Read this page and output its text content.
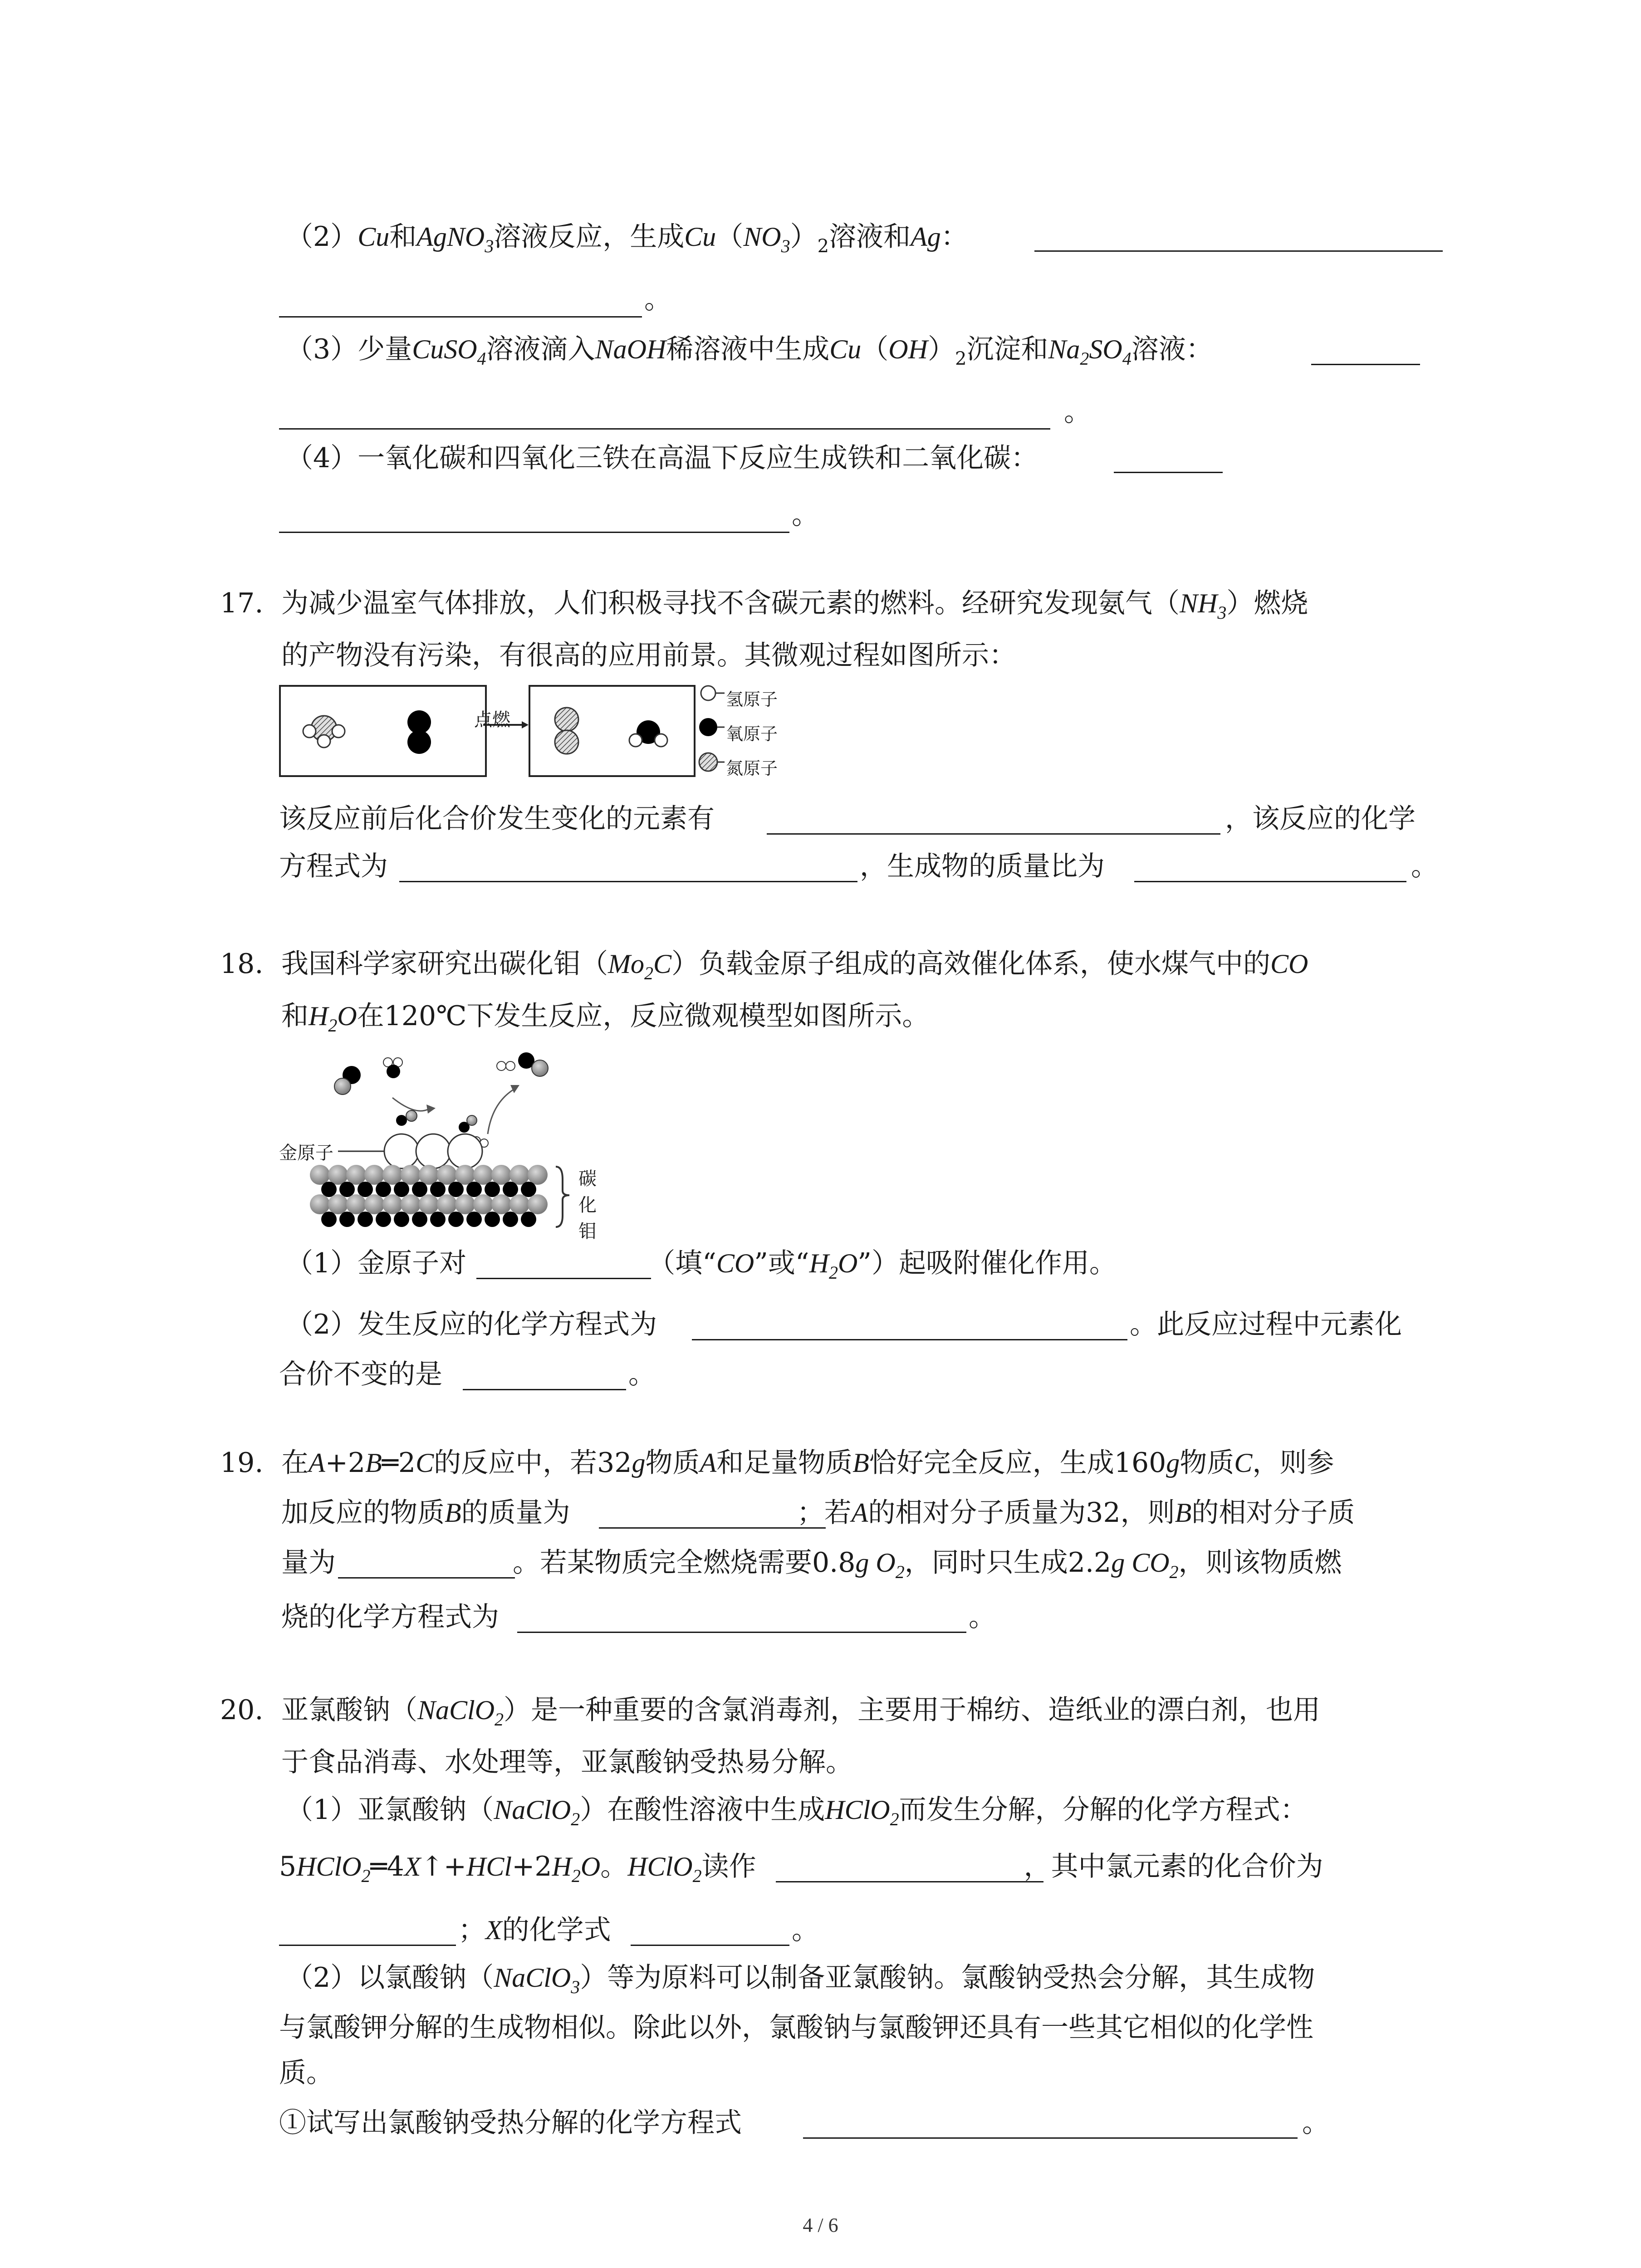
（2）Cu和AgNO$_3$溶液反应，生成$Cu(NO_3)_2$溶液和Ag：
。
（3）少量CuSO$_4$溶液滴入NaOH稀溶液中生成$Cu(OH)_2$沉淀和$Na_2SO_4$溶液：
。
（4）一氧化碳和四氧化三铁在高温下反应生成铁和二氧化碳：
。
17. 为减少温室气体排放，人们积极寻找不含碳元素的燃料。经研究发现氨气$(NH_3)$燃烧
的产物没有污染，有很高的应用前景。其微观过程如图所示：
点燃
氢原子
氧原子
氮原子
该反应前后化合价发生变化的元素有	，该反应的化学
方程式为	，生成物的质量比为	。
18. 我国科学家研究出碳化钼$(Mo_2C)$负载金原子组成的高效催化体系，使水煤气中的CO
和$H_2O$在120℃下发生反应，反应微观模型如图所示。
金原子
碳
化
钼
（1）金原子对	（填“CO”或“$H_2O$”）起吸附催化作用。
（2）发生反应的化学方程式为	。此反应过程中元素化
合价不变的是	。
19. 在A+2B═2C的反应中，若32g物质A和足量物质B恰好完全反应，生成160g物质C，则参
加反应的物质B的质量为	；若A的相对分子质量为32，则B的相对分子质
量为	。若某物质完全燃烧需要0.8g $O_2$，同时只生成2.2g $CO_2$，则该物质燃
烧的化学方程式为	。
20. 亚氯酸钠（NaClO$_2$）是一种重要的含氯消毒剂，主要用于棉纺、造纸业的漂白剂，也用
于食品消毒、水处理等，亚氯酸钠受热易分解。
（1）亚氯酸钠（NaClO$_2$）在酸性溶液中生成HClO$_2$而发生分解，分解的化学方程式：
$5HClO_2═4X↑+HCl+2H_2O$。HClO$_2$读作	，其中氯元素的化合价为
；X的化学式	。
（2）以氯酸钠（NaClO$_3$）等为原料可以制备亚氯酸钠。氯酸钠受热会分解，其生成物
与氯酸钾分解的生成物相似。除此以外，氯酸钠与氯酸钾还具有一些其它相似的化学性
质。
①试写出氯酸钠受热分解的化学方程式	。
4 / 6
